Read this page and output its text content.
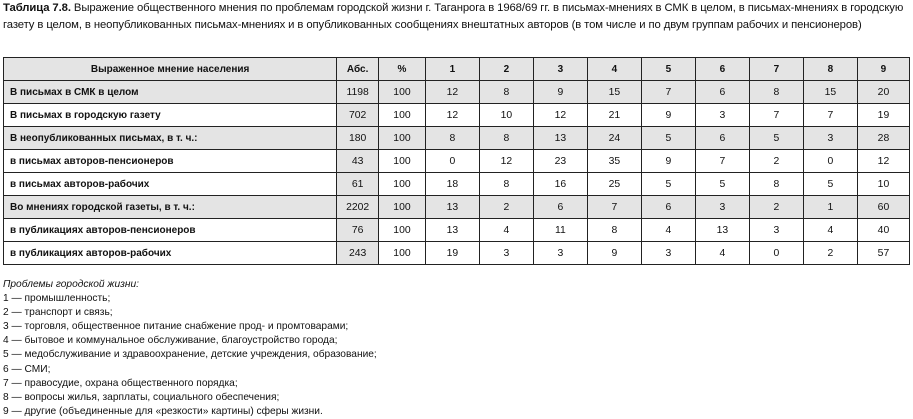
Таблица 7.8. Выражение общественного мнения по проблемам городской жизни г. Таганрога в 1968/69 гг. в письмах-мнениях в СМК в целом, в письмах-мнениях в городскую газету в целом, в неопубликованных письмах-мнениях и в опубликованных сообщениях внештатных авторов (в том числе и по двум группам рабочих и пенсионеров)
Выраженное мнение населения	Абс.	%	1	2	3	4	5	6	7	8	9
В письмах в СМК в целом	1198	100	12	8	9	15	7	6	8	15	20
В письмах в городскую газету	702	100	12	10	12	21	9	3	7	7	19
В неопубликованных письмах, в т. ч.:	180	100	8	8	13	24	5	6	5	3	28
в письмах авторов-пенсионеров	43	100	0	12	23	35	9	7	2	0	12
в письмах авторов-рабочих	61	100	18	8	16	25	5	5	8	5	10
Во мнениях городской газеты, в т. ч.:	2202	100	13	2	6	7	6	3	2	1	60
в публикациях авторов-пенсионеров	76	100	13	4	11	8	4	13	3	4	40
в публикациях авторов-рабочих	243	100	19	3	3	9	3	4	0	2	57
Проблемы городской жизни:
1 — промышленность;
2 — транспорт и связь;
3 — торговля, общественное питание снабжение прод- и промтоварами;
4 — бытовое и коммунальное обслуживание, благоустройство города;
5 — медобслуживание и здравоохранение, детские учреждения, образование;
6 — СМИ;
7 — правосудие, охрана общественного порядка;
8 — вопросы жилья, зарплаты, социального обеспечения;
9 — другие (объединенные для «резкости» картины) сферы жизни.
